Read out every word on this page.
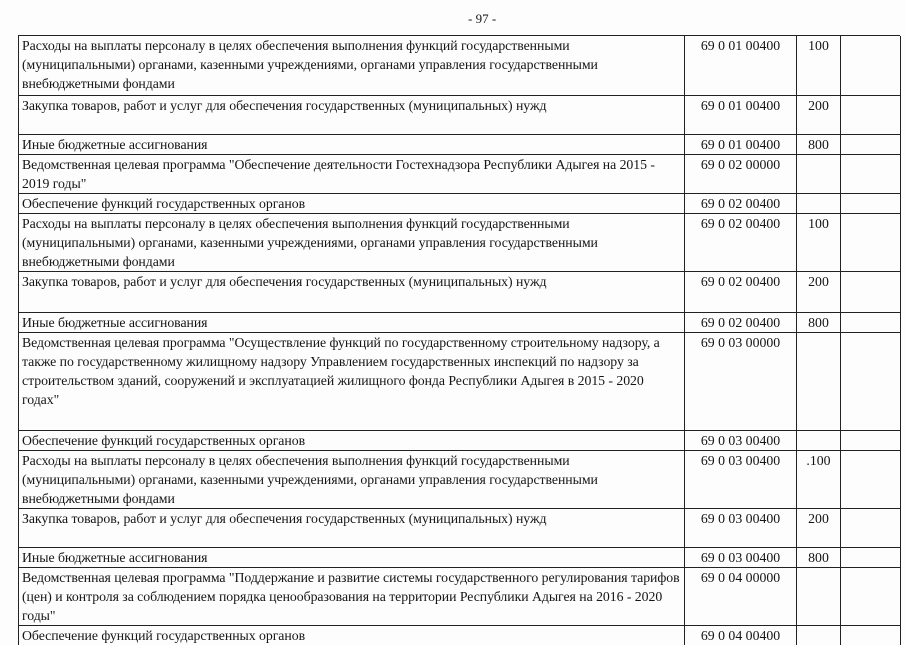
- 97 -
Расходы на выплаты персоналу в целях обеспечения выполнения функций государственными (муниципальными) органами, казенными учреждениями, органами управления государственными внебюджетными фондами	69 0 01 00400	100	
Закупка товаров, работ и услуг для обеспечения государственных (муниципальных) нужд	69 0 01 00400	200	
Иные бюджетные ассигнования	69 0 01 00400	800	
Ведомственная целевая программа "Обеспечение деятельности Гостехнадзора Республики Адыгея на 2015 - 2019 годы"	69 0 02 00000		
Обеспечение функций государственных органов	69 0 02 00400		
Расходы на выплаты персоналу в целях обеспечения выполнения функций государственными (муниципальными) органами, казенными учреждениями, органами управления государственными внебюджетными фондами	69 0 02 00400	100	
Закупка товаров, работ и услуг для обеспечения государственных (муниципальных) нужд	69 0 02 00400	200	
Иные бюджетные ассигнования	69 0 02 00400	800	
Ведомственная целевая программа "Осуществление функций по государственному строительному надзору, а также по государственному жилищному надзору Управлением государственных инспекций по надзору за строительством зданий, сооружений и эксплуатацией жилищного фонда Республики Адыгея в 2015 - 2020 годах"	69 0 03 00000		
Обеспечение функций государственных органов	69 0 03 00400		
Расходы на выплаты персоналу в целях обеспечения выполнения функций государственными (муниципальными) органами, казенными учреждениями, органами управления государственными внебюджетными фондами	69 0 03 00400	.100	
Закупка товаров, работ и услуг для обеспечения государственных (муниципальных) нужд	69 0 03 00400	200	
Иные бюджетные ассигнования	69 0 03 00400	800	
Ведомственная целевая программа "Поддержание и развитие системы государственного регулирования тарифов (цен) и контроля за соблюдением порядка ценообразования на территории Республики Адыгея на 2016 - 2020 годы"	69 0 04 00000		
Обеспечение функций государственных органов	69 0 04 00400		
